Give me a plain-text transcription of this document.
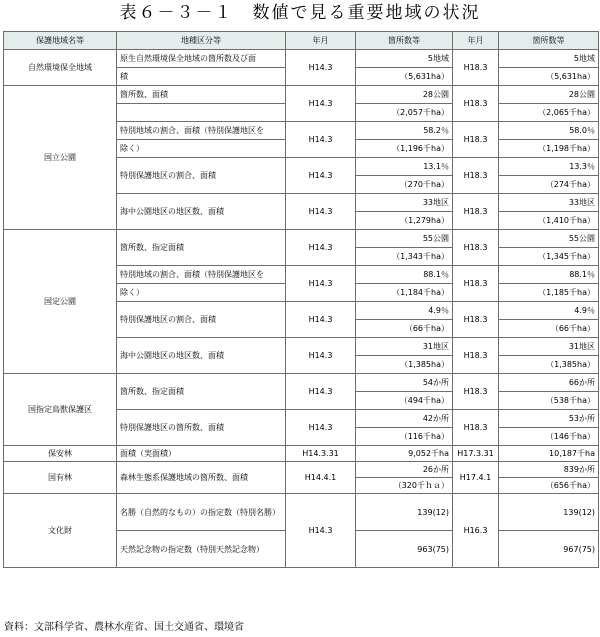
表６－３－１　数値で見る重要地域の状況
保護地域名等	地種区分等	年月	箇所数等	年月	箇所数等
自然環境保全地域	原生自然環境保全地域の箇所数及び面	H14.3	5地域	H18.3	5地域
	積		（5,631ha）		（5,631ha）
国立公園	箇所数、面積	H14.3	28公園	H18.3	28公園
			（2,057千ha）		（2,065千ha）
	特別地域の割合、面積（特別保護地区を	H14.3	58.2％	H18.3	58.0％
	除く）		（1,196千ha）		（1,198千ha）
	特別保護地区の割合、面積	H14.3	13.1％	H18.3	13.3％
			（270千ha）		（274千ha）
	海中公園地区の地区数、面積	H14.3	33地区	H18.3	33地区
			（1,279ha）		（1,410千ha）
国定公園	箇所数、指定面積	H14.3	55公園	H18.3	55公園
			（1,343千ha）		（1,345千ha）
	特別地域の割合、面積（特別保護地区を	H14.3	88.1％	H18.3	88.1％
	除く）		（1,184千ha）		（1,185千ha）
	特別保護地区の割合、面積	H14.3	4.9％	H18.3	4.9％
			（66千ha）		（66千ha）
	海中公園地区の地区数、面積	H14.3	31地区	H18.3	31地区
			（1,385ha）		（1,385ha）
国指定鳥獣保護区	箇所数、指定面積	H14.3	54か所	H18.3	66か所
			（494千ha）		（538千ha）
	特別保護地区の箇所数、面積	H14.3	42か所	H18.3	53か所
			（116千ha）		（146千ha）
保安林	面積（実面積）	H14.3.31	9,052千ha	H17.3.31	10,187千ha
国有林	森林生態系保護地域の箇所数、面積	H14.4.1	26か所	H17.4.1	839か所
			（320千ｈａ）		（656千ha）
文化財	名勝（自然的なもの）の指定数（特別名勝）	H14.3	139(12)	H16.3	139(12)
	天然記念物の指定数（特別天然記念物）		963(75)		967(75)
資料：文部科学省、農林水産省、国土交通省、環境省
